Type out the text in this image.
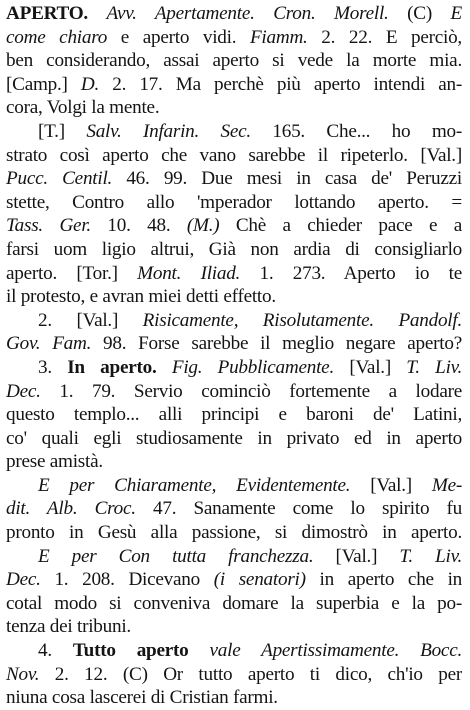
APERTO. Avv. Apertamente. Cron. Morell. (C) E
come chiaro e aperto vidi. Fiamm. 2. 22. E perciò,
ben considerando, assai aperto si vede la morte mia.
[Camp.] D. 2. 17. Ma perchè più aperto intendi an-
cora, Volgi la mente.
[T.] Salv. Infarin. Sec. 165. Che... ho mo-
strato così aperto che vano sarebbe il ripeterlo. [Val.]
Pucc. Centil. 46. 99. Due mesi in casa de' Peruzzi
stette, Contro allo 'mperador lottando aperto. =
Tass. Ger. 10. 48. (M.) Chè a chieder pace e a
farsi uom ligio altrui, Già non ardia di consigliarlo
aperto. [Tor.] Mont. Iliad. 1. 273. Aperto io te
il protesto, e avran miei detti effetto.
2. [Val.] Risicamente, Risolutamente. Pandolf.
Gov. Fam. 98. Forse sarebbe il meglio negare aperto?
3. In aperto. Fig. Pubblicamente. [Val.] T. Liv.
Dec. 1. 79. Servio cominciò fortemente a lodare
questo templo... alli principi e baroni de' Latini,
co' quali egli studiosamente in privato ed in aperto
prese amistà.
E per Chiaramente, Evidentemente. [Val.] Me-
dit. Alb. Croc. 47. Sanamente come lo spirito fu
pronto in Gesù alla passione, si dimostrò in aperto.
E per Con tutta franchezza. [Val.] T. Liv.
Dec. 1. 208. Dicevano (i senatori) in aperto che in
cotal modo si conveniva domare la superbia e la po-
tenza dei tribuni.
4. Tutto aperto vale Apertissimamente. Bocc.
Nov. 2. 12. (C) Or tutto aperto ti dico, ch'io per
niuna cosa lascerei di Cristian farmi.
